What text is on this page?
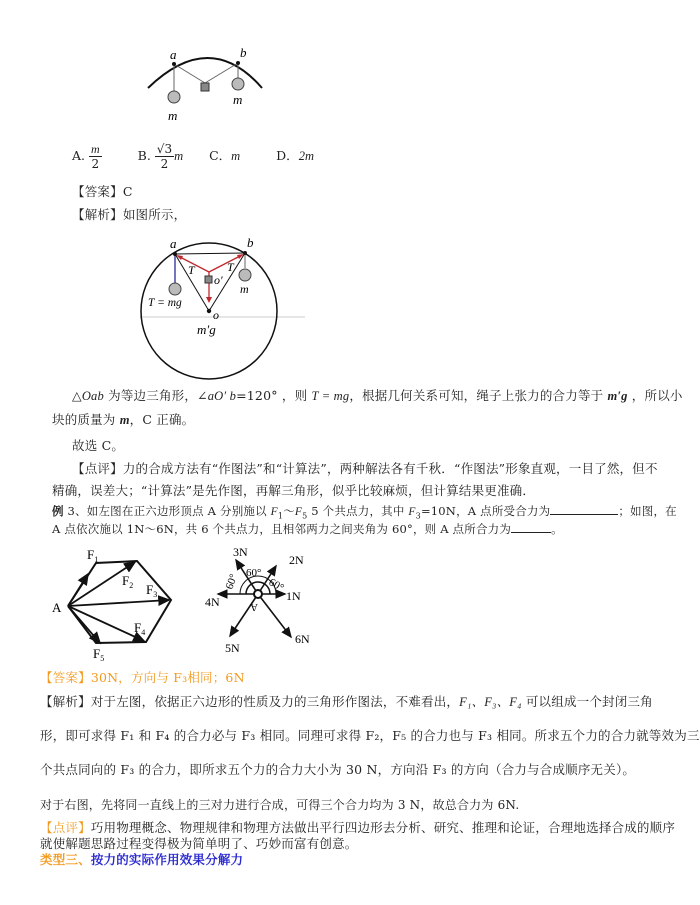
a	b
m
m
A. $\frac{m}{2}$	B. $\frac{√3}{2}$ m C．m	D．2m
【答案】C
【解析】如图所示，
a	b
T	T
o′
T = mg
o
m
m′g
△Oab 为等边三角形，∠aO′ b=120° ，则 T = mg，根据几何关系可知，绳子上张力的合力等于 m′g ，所以小
块的质量为 m，C 正确。
故选 C。
【点评】力的合成方法有“作图法”和“计算法”，两种解法各有千秋．“作图法”形象直观，一目了然，但不
精确，误差大；“计算法”是先作图，再解三角形，似乎比较麻烦，但计算结果更准确．
例 3、如左图在正六边形顶点 A 分别施以 $F_1\sim F_5$ 5 个共点力，其中 $F_3=10N$，A 点所受合力为	；如图，在
A 点依次施以 1N～6N，共 6 个共点力，且相邻两力之间夹角为 60°，则 A 点所合力为	。
A
$F_1$
$F_2$ $F_3$
$F_4$
$F_5$
3N
2N
1N
4N
5N
6N
60°
60° 60°
A
【答案】30N，方向与 F₃相同；6N
【解析】对于左图，依据正六边形的性质及力的三角形作图法，不难看出，F₁、F₃、F₄ 可以组成一个封闭三角
形，即可求得 F₁ 和 F₄ 的合力必与 F₃ 相同。同理可求得 F₂，F₅ 的合力也与 F₃ 相同。所求五个力的合力就等效为三
个共点同向的 F₃ 的合力，即所求五个力的合力大小为 30 N，方向沿 F₃ 的方向（合力与合成顺序无关）。
对于右图，先将同一直线上的三对力进行合成，可得三个合力均为 3 N，故总合力为 6N.
【点评】巧用物理概念、物理规律和物理方法做出平行四边形去分析、研究、推理和论证，合理地选择合成的顺序
就使解题思路过程变得极为简单明了、巧妙而富有创意。
类型三、按力的实际作用效果分解力
